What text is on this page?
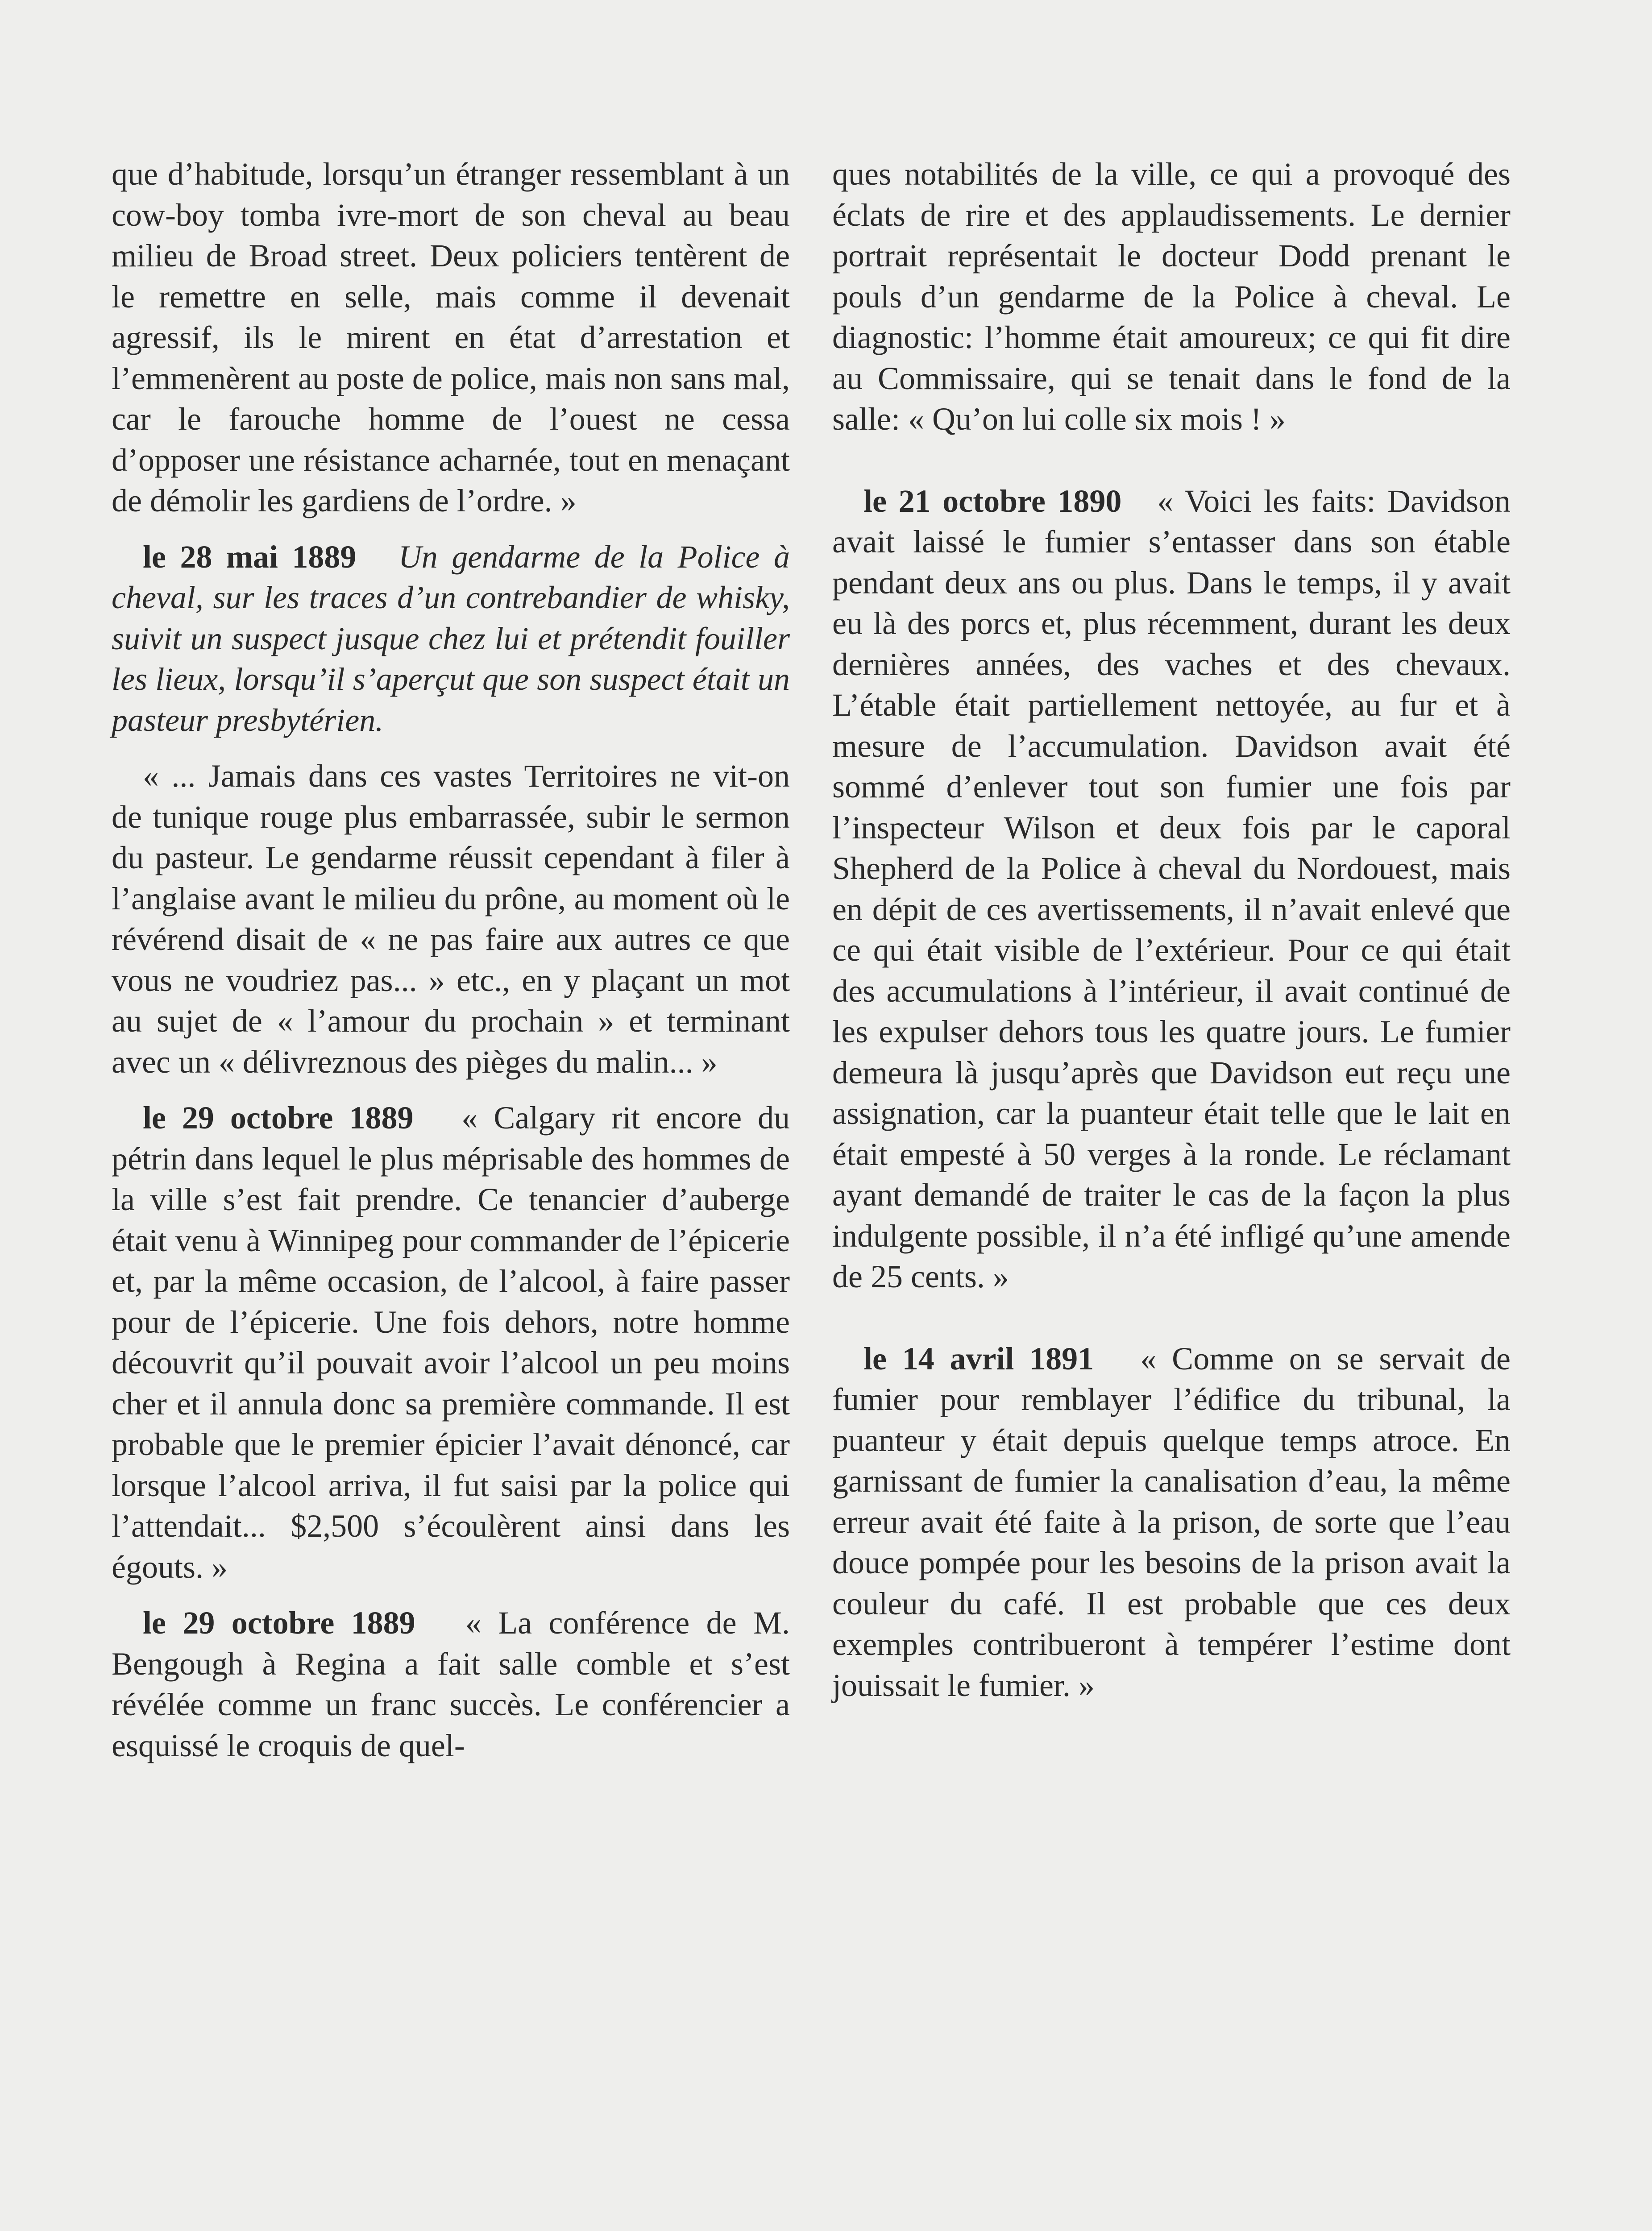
que d’habitude, lorsqu’un étranger ressemblant à un cow-boy tomba ivre-mort de son cheval au beau milieu de Broad street. Deux policiers tentèrent de le remettre en selle, mais comme il devenait agressif, ils le mirent en état d’arrestation et l’emmenèrent au poste de police, mais non sans mal, car le farouche homme de l’ouest ne cessa d’opposer une résistance acharnée, tout en menaçant de démolir les gardiens de l’ordre. »

le 28 mai 1889 Un gendarme de la Police à cheval, sur les traces d’un contrebandier de whisky, suivit un suspect jusque chez lui et prétendit fouiller les lieux, lorsqu’il s’aperçut que son suspect était un pasteur presbytérien.

« ... Jamais dans ces vastes Territoires ne vit-on de tunique rouge plus embarrassée, subir le sermon du pasteur. Le gendarme réussit cependant à filer à l’anglaise avant le milieu du prône, au moment où le révérend disait de « ne pas faire aux autres ce que vous ne voudriez pas... » etc., en y plaçant un mot au sujet de « l’amour du prochain » et terminant avec un « délivreznous des pièges du malin... »

le 29 octobre 1889 « Calgary rit encore du pétrin dans lequel le plus méprisable des hommes de la ville s’est fait prendre. Ce tenancier d’auberge était venu à Winnipeg pour commander de l’épicerie et, par la même occasion, de l’alcool, à faire passer pour de l’épicerie. Une fois dehors, notre homme découvrit qu’il pouvait avoir l’alcool un peu moins cher et il annula donc sa première commande. Il est probable que le premier épicier l’avait dénoncé, car lorsque l’alcool arriva, il fut saisi par la police qui l’attendait... $2,500 s’écoulèrent ainsi dans les égouts. »

le 29 octobre 1889 « La conférence de M. Bengough à Regina a fait salle comble et s’est révélée comme un franc succès. Le conférencier a esquissé le croquis de quel-

ques notabilités de la ville, ce qui a provoqué des éclats de rire et des applaudissements. Le dernier portrait représentait le docteur Dodd prenant le pouls d’un gendarme de la Police à cheval. Le diagnostic: l’homme était amoureux; ce qui fit dire au Commissaire, qui se tenait dans le fond de la salle: « Qu’on lui colle six mois ! »

le 21 octobre 1890 « Voici les faits: Davidson avait laissé le fumier s’entasser dans son étable pendant deux ans ou plus. Dans le temps, il y avait eu là des porcs et, plus récemment, durant les deux dernières années, des vaches et des chevaux. L’étable était partiellement nettoyée, au fur et à mesure de l’accumulation. Davidson avait été sommé d’enlever tout son fumier une fois par l’inspecteur Wilson et deux fois par le caporal Shepherd de la Police à cheval du Nordouest, mais en dépit de ces avertissements, il n’avait enlevé que ce qui était visible de l’extérieur. Pour ce qui était des accumulations à l’intérieur, il avait continué de les expulser dehors tous les quatre jours. Le fumier demeura là jusqu’après que Davidson eut reçu une assignation, car la puanteur était telle que le lait en était empesté à 50 verges à la ronde. Le réclamant ayant demandé de traiter le cas de la façon la plus indulgente possible, il n’a été infligé qu’une amende de 25 cents. »

le 14 avril 1891 « Comme on se servait de fumier pour remblayer l’édifice du tribunal, la puanteur y était depuis quelque temps atroce. En garnissant de fumier la canalisation d’eau, la même erreur avait été faite à la prison, de sorte que l’eau douce pompée pour les besoins de la prison avait la couleur du café. Il est probable que ces deux exemples contribueront à tempérer l’estime dont jouissait le fumier. »
